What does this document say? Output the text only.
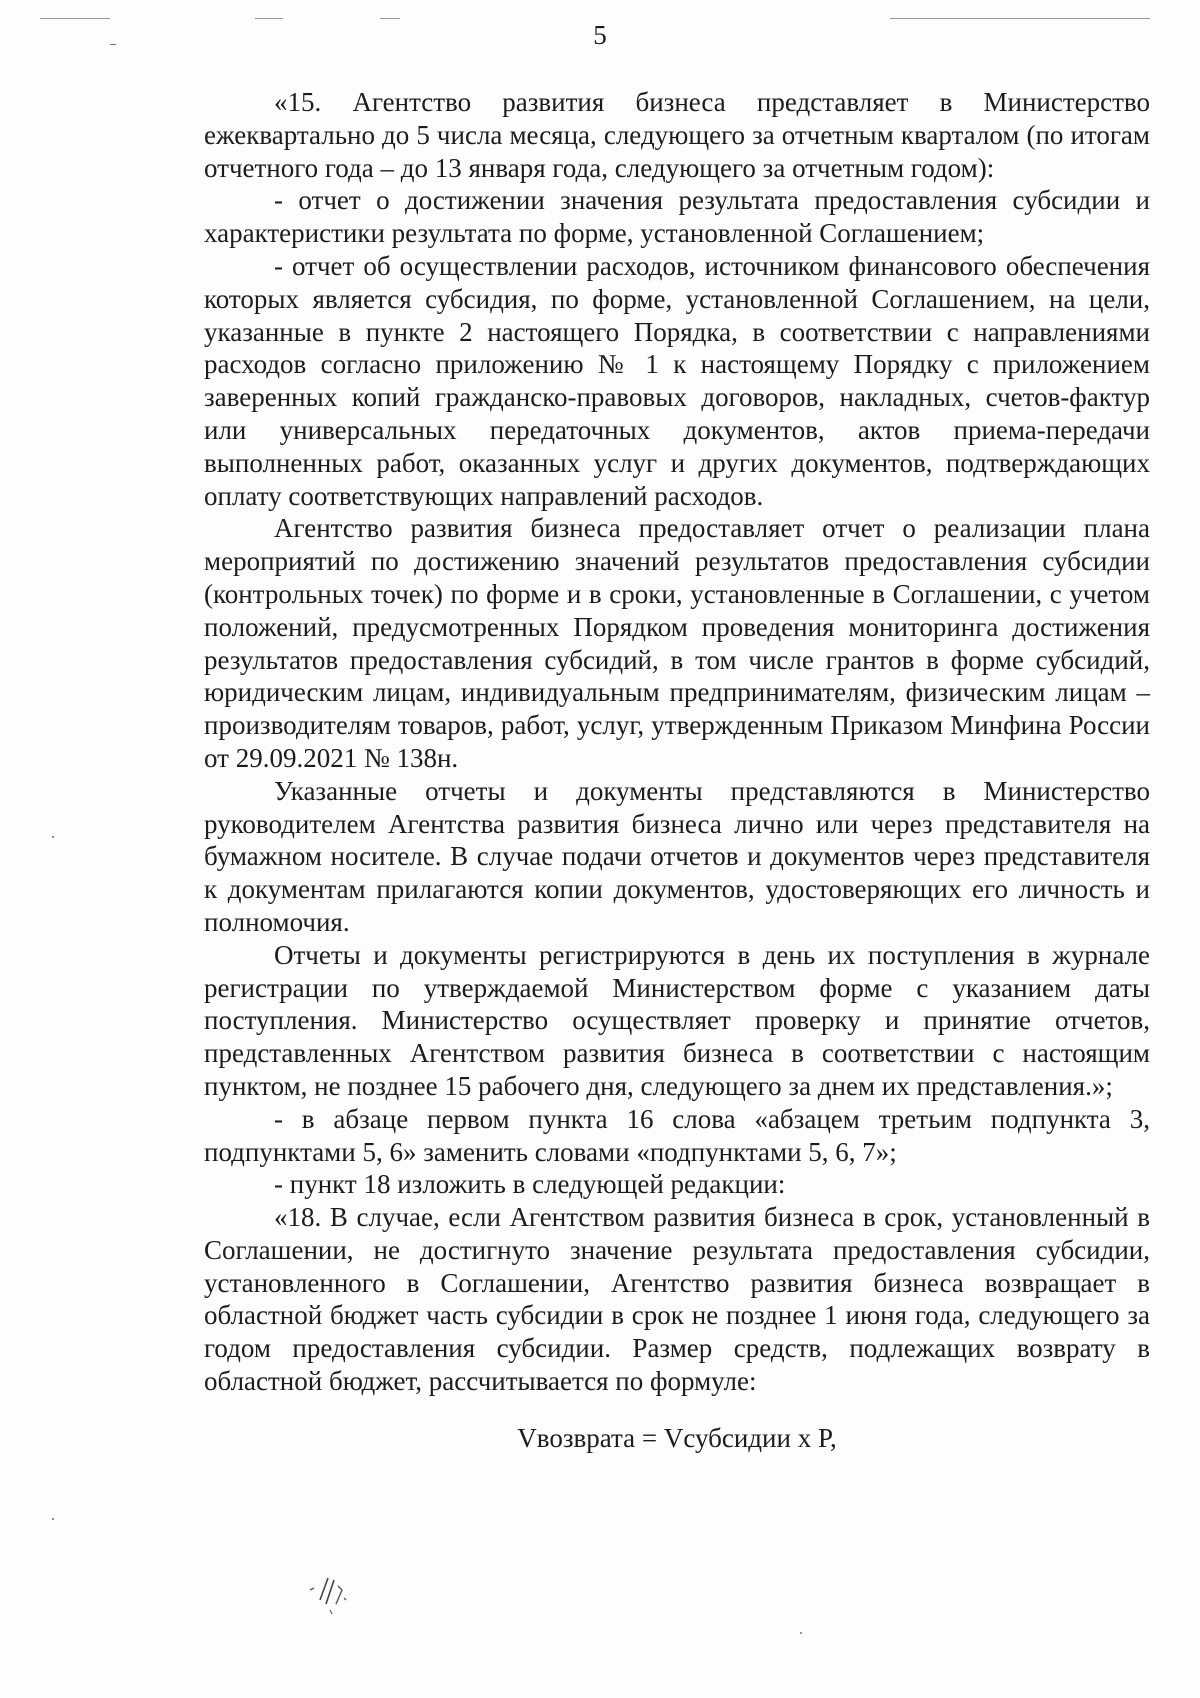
5

«15. Агентство развития бизнеса представляет в Министерство ежеквартально до 5 числа месяца, следующего за отчетным кварталом (по итогам отчетного года – до 13 января года, следующего за отчетным годом):

- отчет о достижении значения результата предоставления субсидии и характеристики результата по форме, установленной Соглашением;

- отчет об осуществлении расходов, источником финансового обеспечения которых является субсидия, по форме, установленной Соглашением, на цели, указанные в пункте 2 настоящего Порядка, в соответствии с направлениями расходов согласно приложению № 1 к настоящему Порядку с приложением заверенных копий гражданско-правовых договоров, накладных, счетов-фактур или универсальных передаточных документов, актов приема-передачи выполненных работ, оказанных услуг и других документов, подтверждающих оплату соответствующих направлений расходов.

Агентство развития бизнеса предоставляет отчет о реализации плана мероприятий по достижению значений результатов предоставления субсидии (контрольных точек) по форме и в сроки, установленные в Соглашении, с учетом положений, предусмотренных Порядком проведения мониторинга достижения результатов предоставления субсидий, в том числе грантов в форме субсидий, юридическим лицам, индивидуальным предпринимателям, физическим лицам – производителям товаров, работ, услуг, утвержденным Приказом Минфина России от 29.09.2021 № 138н.

Указанные отчеты и документы представляются в Министерство руководителем Агентства развития бизнеса лично или через представителя на бумажном носителе. В случае подачи отчетов и документов через представителя к документам прилагаются копии документов, удостоверяющих его личность и полномочия.

Отчеты и документы регистрируются в день их поступления в журнале регистрации по утверждаемой Министерством форме с указанием даты поступления. Министерство осуществляет проверку и принятие отчетов, представленных Агентством развития бизнеса в соответствии с настоящим пунктом, не позднее 15 рабочего дня, следующего за днем их представления.»;

- в абзаце первом пункта 16 слова «абзацем третьим подпункта 3, подпунктами 5, 6» заменить словами «подпунктами 5, 6, 7»;

- пункт 18 изложить в следующей редакции:

«18. В случае, если Агентством развития бизнеса в срок, установленный в Соглашении, не достигнуто значение результата предоставления субсидии, установленного в Соглашении, Агентство развития бизнеса возвращает в областной бюджет часть субсидии в срок не позднее 1 июня года, следующего за годом предоставления субсидии. Размер средств, подлежащих возврату в областной бюджет, рассчитывается по формуле:

Vвозврата = Vсубсидии x P,
